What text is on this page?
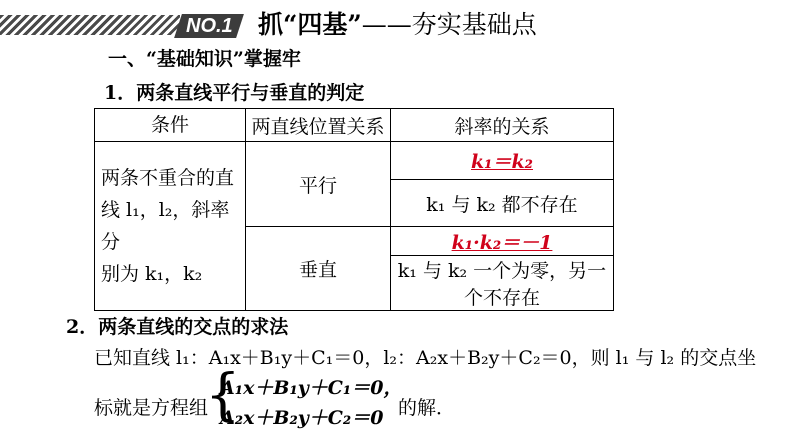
NO.1 抓“四基”——夯实基础点
一、“基础知识”掌握牢
1．两条直线平行与垂直的判定
条件	两直线位置关系	斜率的关系

两条不重合的直
线 l₁，l₂，斜率分
别为 k₁，k₂	平行	k₁＝k₂
		k₁ 与 k₂ 都不存在
	垂直	k₁·k₂＝－1
		k₁ 与 k₂ 一个为零，另一个不存在
2．两条直线的交点的求法
已知直线 l₁：A₁x＋B₁y＋C₁＝0，l₂：A₂x＋B₂y＋C₂＝0，则 l₁ 与 l₂ 的交点坐
标就是方程组
{
A₁x＋B₁y＋C₁＝0，
A₂x＋B₂y＋C₂＝0 的解．
